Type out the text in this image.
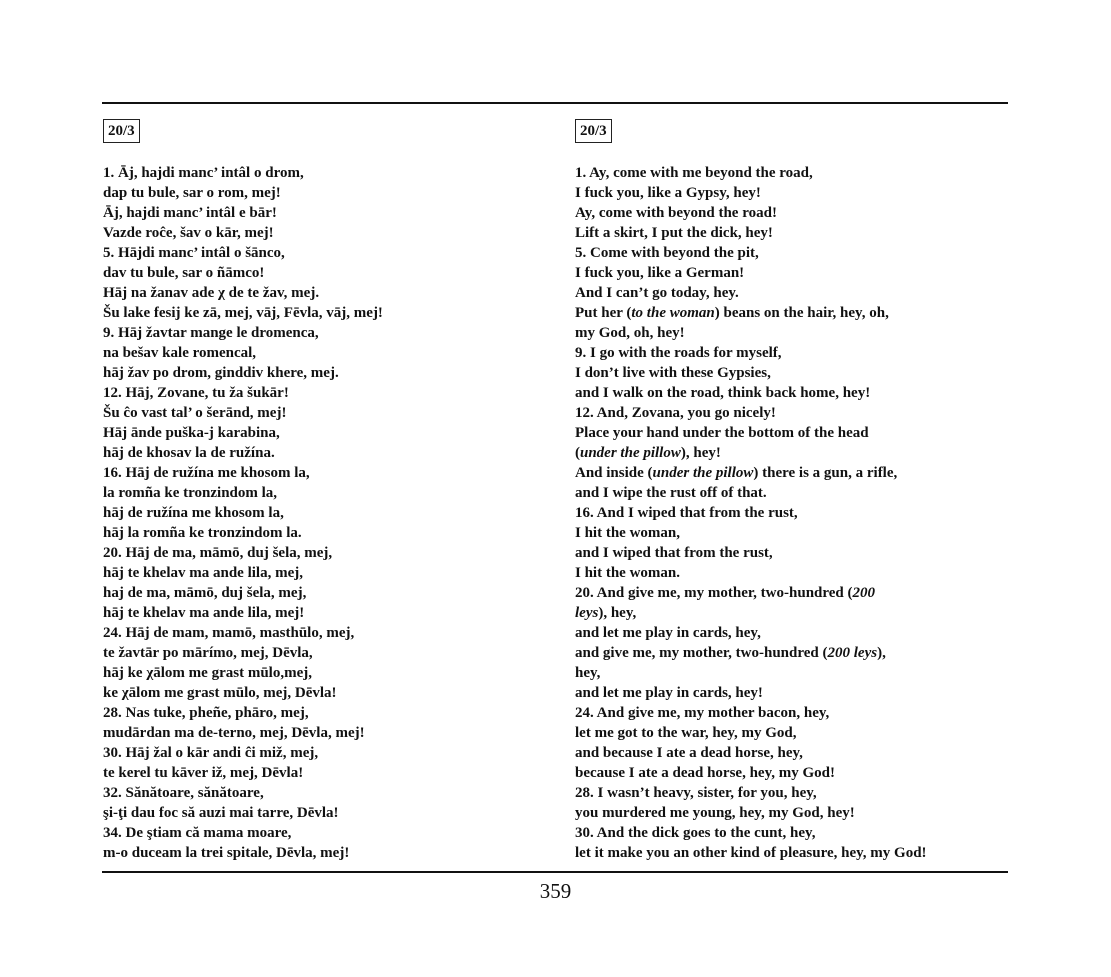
20/3
1. Āj, hajdi manc’ intâl o drom,
dap tu bule, sar o rom, mej!
Āj, hajdi manc’ intâl e bār!
Vazde roĉe, šav o kār, mej!
5. Hājdi manc’ intâl o šānco,
dav tu bule, sar o ñāmco!
Hāj na žanav ade χ de te žav, mej.
Šu lake fesij ke zā, mej, vāj, Fēvla, vāj, mej!
9. Hāj žavtar mange le dromenca,
na bešav kale romencal,
hāj žav po drom, ginddiv khere, mej.
12. Hāj, Zovane, tu ža šukār!
Šu ĉo vast tal’ o šerānd, mej!
Hāj ānde puška-j karabina,
hāj de khosav la de ružína.
16. Hāj de ružína me khosom la,
la romña ke tronzindom la,
hāj de ružína me khosom la,
hāj la romña ke tronzindom la.
20. Hāj de ma, māmō, duj šela, mej,
hāj te khelav ma ande lila, mej,
haj de ma, māmō, duj šela, mej,
hāj te khelav ma ande lila, mej!
24. Hāj de mam, mamō, masthūlo, mej,
te žavtār po mārímo, mej, Dēvla,
hāj ke χālom me grast mūlo,mej,
ke χālom me grast mūlo, mej, Dēvla!
28. Nas tuke, pheñe, phāro, mej,
mudārdan ma de-terno, mej, Dēvla, mej!
30. Hāj žal o kār andi ĉi miž, mej,
te kerel tu kāver iž, mej, Dēvla!
32. Sănătoare, sănătoare,
şi-ţi dau foc să auzi mai tarre, Dēvla!
34. De ştiam că mama moare,
m-o duceam la trei spitale, Dēvla, mej!
20/3
1. Ay, come with me beyond the road,
I fuck you, like a Gypsy, hey!
Ay, come with beyond the road!
Lift a skirt, I put the dick, hey!
5. Come with beyond the pit,
I fuck you, like a German!
And I can’t go today, hey.
Put her (to the woman) beans on the hair, hey, oh,
my God, oh, hey!
9. I go with the roads for myself,
I don’t live with these Gypsies,
and I walk on the road, think back home, hey!
12. And, Zovana, you go nicely!
Place your hand under the bottom of the head
(under the pillow), hey!
And inside (under the pillow) there is a gun, a rifle,
and I wipe the rust off of that.
16. And I wiped that from the rust,
I hit the woman,
and I wiped that from the rust,
I hit the woman.
20. And give me, my mother, two-hundred (200
leys), hey,
and let me play in cards, hey,
and give me, my mother, two-hundred (200 leys),
hey,
and let me play in cards, hey!
24. And give me, my mother bacon, hey,
let me got to the war, hey, my God,
and because I ate a dead horse, hey,
because I ate a dead horse, hey, my God!
28. I wasn’t heavy, sister, for you, hey,
you murdered me young, hey, my God, hey!
30. And the dick goes to the cunt, hey,
let it make you an other kind of pleasure, hey, my God!
359
